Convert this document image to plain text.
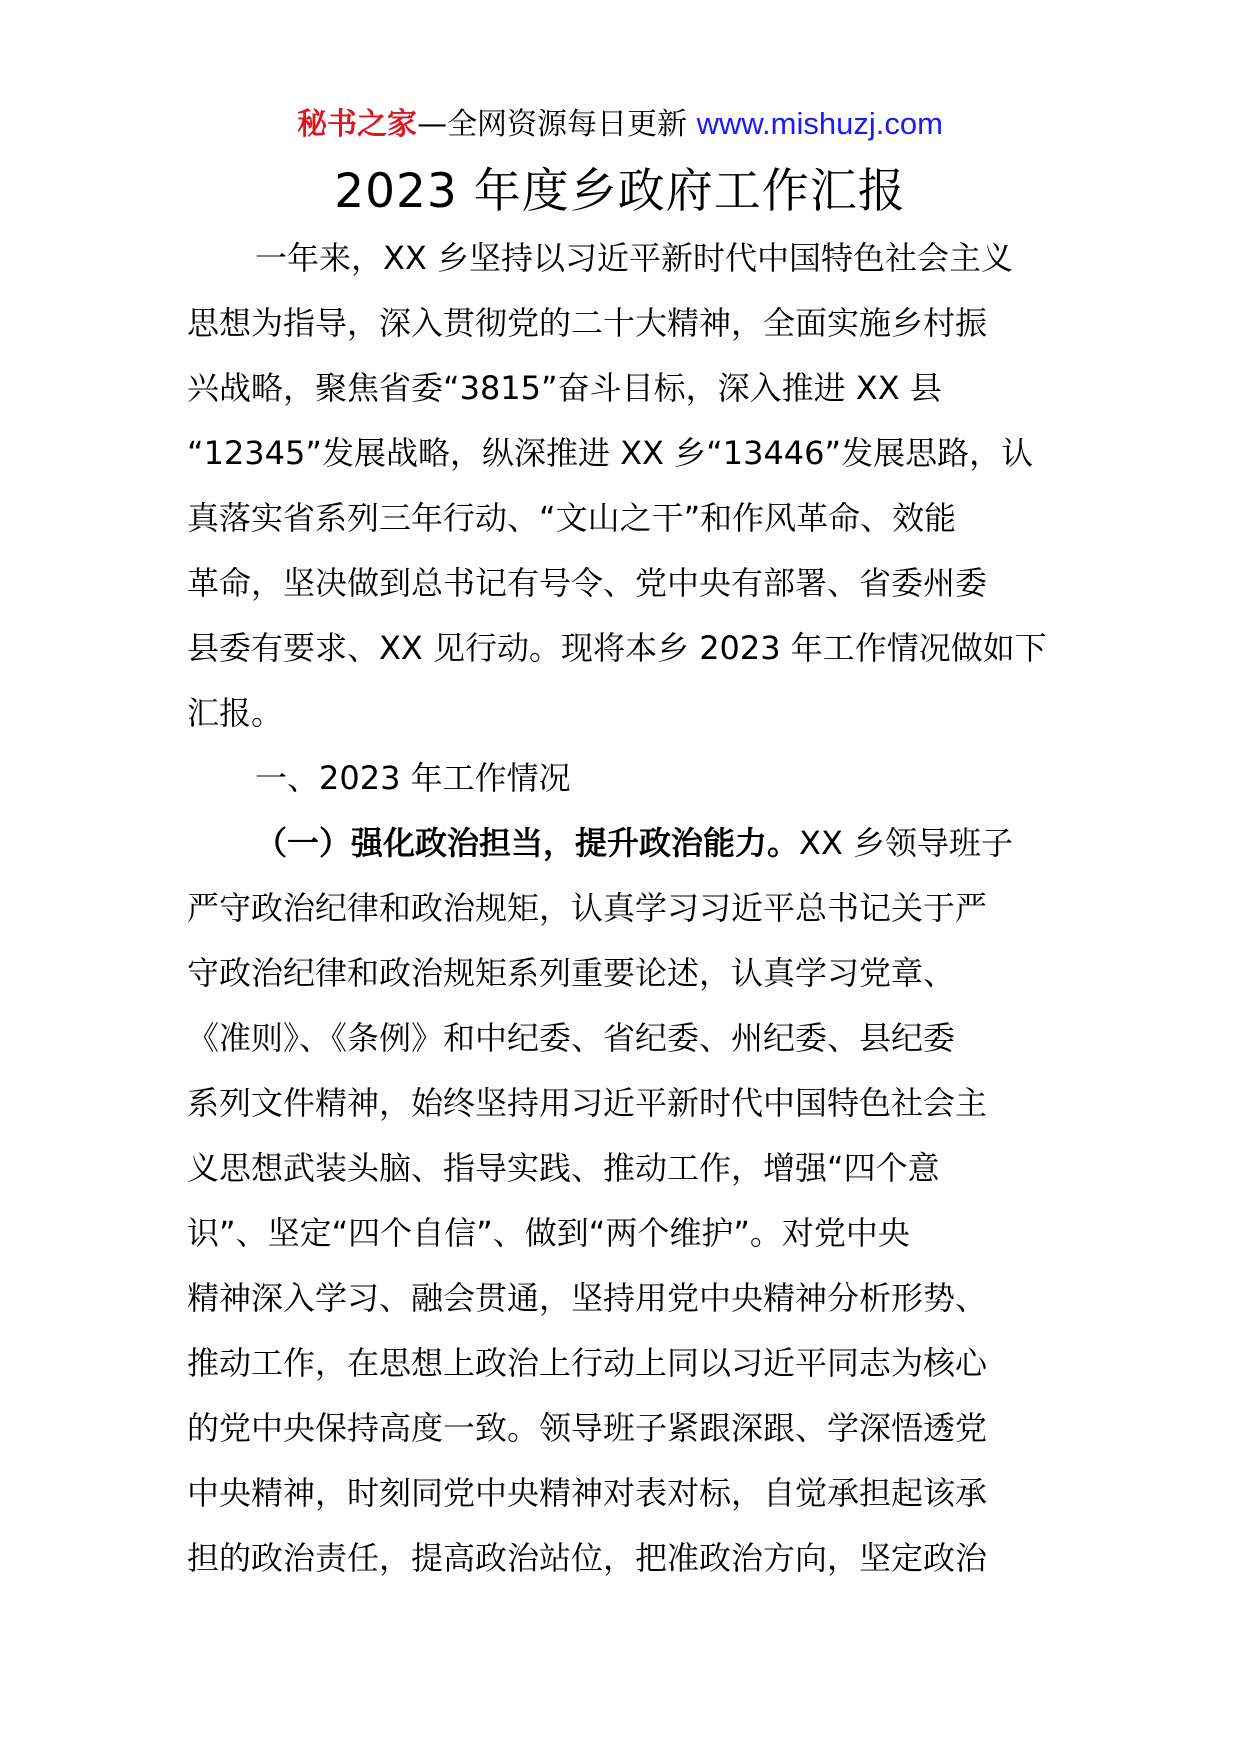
秘书之家—全网资源每日更新 www.mishuzj.com
2023 年度乡政府工作汇报
一年来，XX 乡坚持以习近平新时代中国特色社会主义
思想为指导，深入贯彻党的二十大精神，全面实施乡村振
兴战略，聚焦省委“3815”奋斗目标，深入推进 XX 县
“12345”发展战略，纵深推进 XX 乡“13446”发展思路，认
真落实省系列三年行动、“文山之干”和作风革命、效能
革命，坚决做到总书记有号令、党中央有部署、省委州委
县委有要求、XX 见行动。现将本乡 2023 年工作情况做如下
汇报。
一、2023 年工作情况
（一）强化政治担当，提升政治能力。XX 乡领导班子
严守政治纪律和政治规矩，认真学习习近平总书记关于严
守政治纪律和政治规矩系列重要论述，认真学习党章、
《准则》、《条例》和中纪委、省纪委、州纪委、县纪委
系列文件精神，始终坚持用习近平新时代中国特色社会主
义思想武装头脑、指导实践、推动工作，增强“四个意
识”、坚定“四个自信”、做到“两个维护”。对党中央
精神深入学习、融会贯通，坚持用党中央精神分析形势、
推动工作，在思想上政治上行动上同以习近平同志为核心
的党中央保持高度一致。领导班子紧跟深跟、学深悟透党
中央精神，时刻同党中央精神对表对标，自觉承担起该承
担的政治责任，提高政治站位，把准政治方向，坚定政治
